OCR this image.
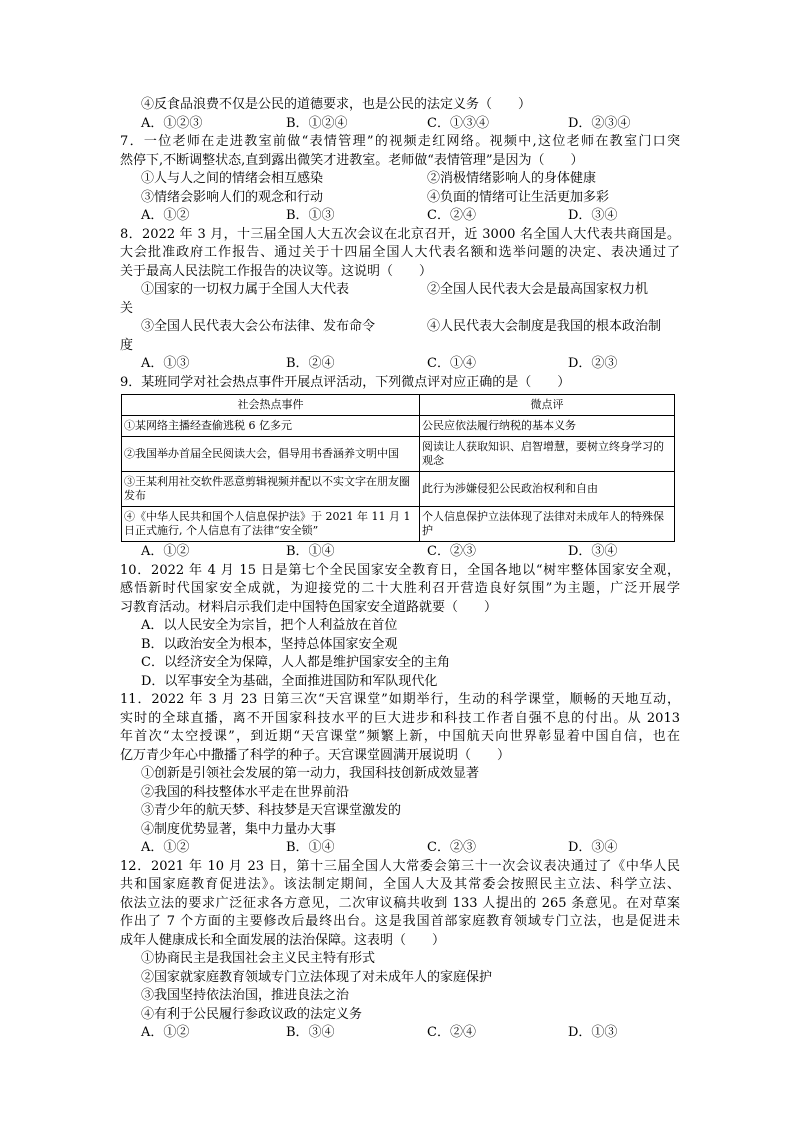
④反食品浪费不仅是公民的道德要求，也是公民的法定义务（　　）
A．①②③	B．①②④	C．①③④	D．②③④
7．一位老师在走进教室前做“表情管理”的视频走红网络。视频中,这位老师在教室门口突
然停下,不断调整状态,直到露出微笑才进教室。老师做“表情管理”是因为（　　）
①人与人之间的情绪会相互感染	②消极情绪影响人的身体健康
③情绪会影响人们的观念和行动	④负面的情绪可让生活更加多彩
A．①②	B．①③	C．②④	D．③④
8．2022 年 3 月，十三届全国人大五次会议在北京召开，近 3000 名全国人大代表共商国是。
大会批准政府工作报告、通过关于十四届全国人大代表名额和选举问题的决定、表决通过了
关于最高人民法院工作报告的决议等。这说明（　　）
①国家的一切权力属于全国人大代表	②全国人民代表大会是最高国家权力机
关
③全国人民代表大会公布法律、发布命令	④人民代表大会制度是我国的根本政治制
度
A．①③	B．②④	C．①④	D．②③
9．某班同学对社会热点事件开展点评活动，下列微点评对应正确的是（　　）
社会热点事件	微点评
①某网络主播经查偷逃税 6 亿多元	公民应依法履行纳税的基本义务
②我国举办首届全民阅读大会，倡导用书香涵养文明中国	阅读让人获取知识、启智增慧，要树立终身学习的观念
③王某利用社交软件恶意剪辑视频并配以不实文字在朋友圈发布	此行为涉嫌侵犯公民政治权利和自由
④《中华人民共和国个人信息保护法》于 2021 年 11 月 1 日正式施行, 个人信息有了法律“安全锁”	个人信息保护立法体现了法律对未成年人的特殊保护
A．①②	B．①④	C．②③	D．③④
10．2022 年 4 月 15 日是第七个全民国家安全教育日，全国各地以“树牢整体国家安全观，
感悟新时代国家安全成就，为迎接党的二十大胜利召开营造良好氛围”为主题，广泛开展学
习教育活动。材料启示我们走中国特色国家安全道路就要（　　）
A．以人民安全为宗旨，把个人利益放在首位
B．以政治安全为根本，坚持总体国家安全观
C．以经济安全为保障，人人都是维护国家安全的主角
D．以军事安全为基础，全面推进国防和军队现代化
11．2022 年 3 月 23 日第三次“天宫课堂”如期举行，生动的科学课堂，顺畅的天地互动，
实时的全球直播，离不开国家科技水平的巨大进步和科技工作者自强不息的付出。从 2013
年首次“太空授课”，到近期“天宫课堂”频繁上新，中国航天向世界彰显着中国自信，也在
亿万青少年心中撒播了科学的种子。天宫课堂圆满开展说明（　　）
①创新是引领社会发展的第一动力，我国科技创新成效显著
②我国的科技整体水平走在世界前沿
③青少年的航天梦、科技梦是天宫课堂激发的
④制度优势显著，集中力量办大事
A．①②	B．①④	C．②③	D．③④
12．2021 年 10 月 23 日，第十三届全国人大常委会第三十一次会议表决通过了《中华人民
共和国家庭教育促进法》。该法制定期间，全国人大及其常委会按照民主立法、科学立法、
依法立法的要求广泛征求各方意见，二次审议稿共收到 133 人提出的 265 条意见。在对草案
作出了 7 个方面的主要修改后最终出台。这是我国首部家庭教育领域专门立法，也是促进未
成年人健康成长和全面发展的法治保障。这表明（　　）
①协商民主是我国社会主义民主特有形式
②国家就家庭教育领域专门立法体现了对未成年人的家庭保护
③我国坚持依法治国，推进良法之治
④有利于公民履行参政议政的法定义务
A．①②	B．③④	C．②④	D．①③
